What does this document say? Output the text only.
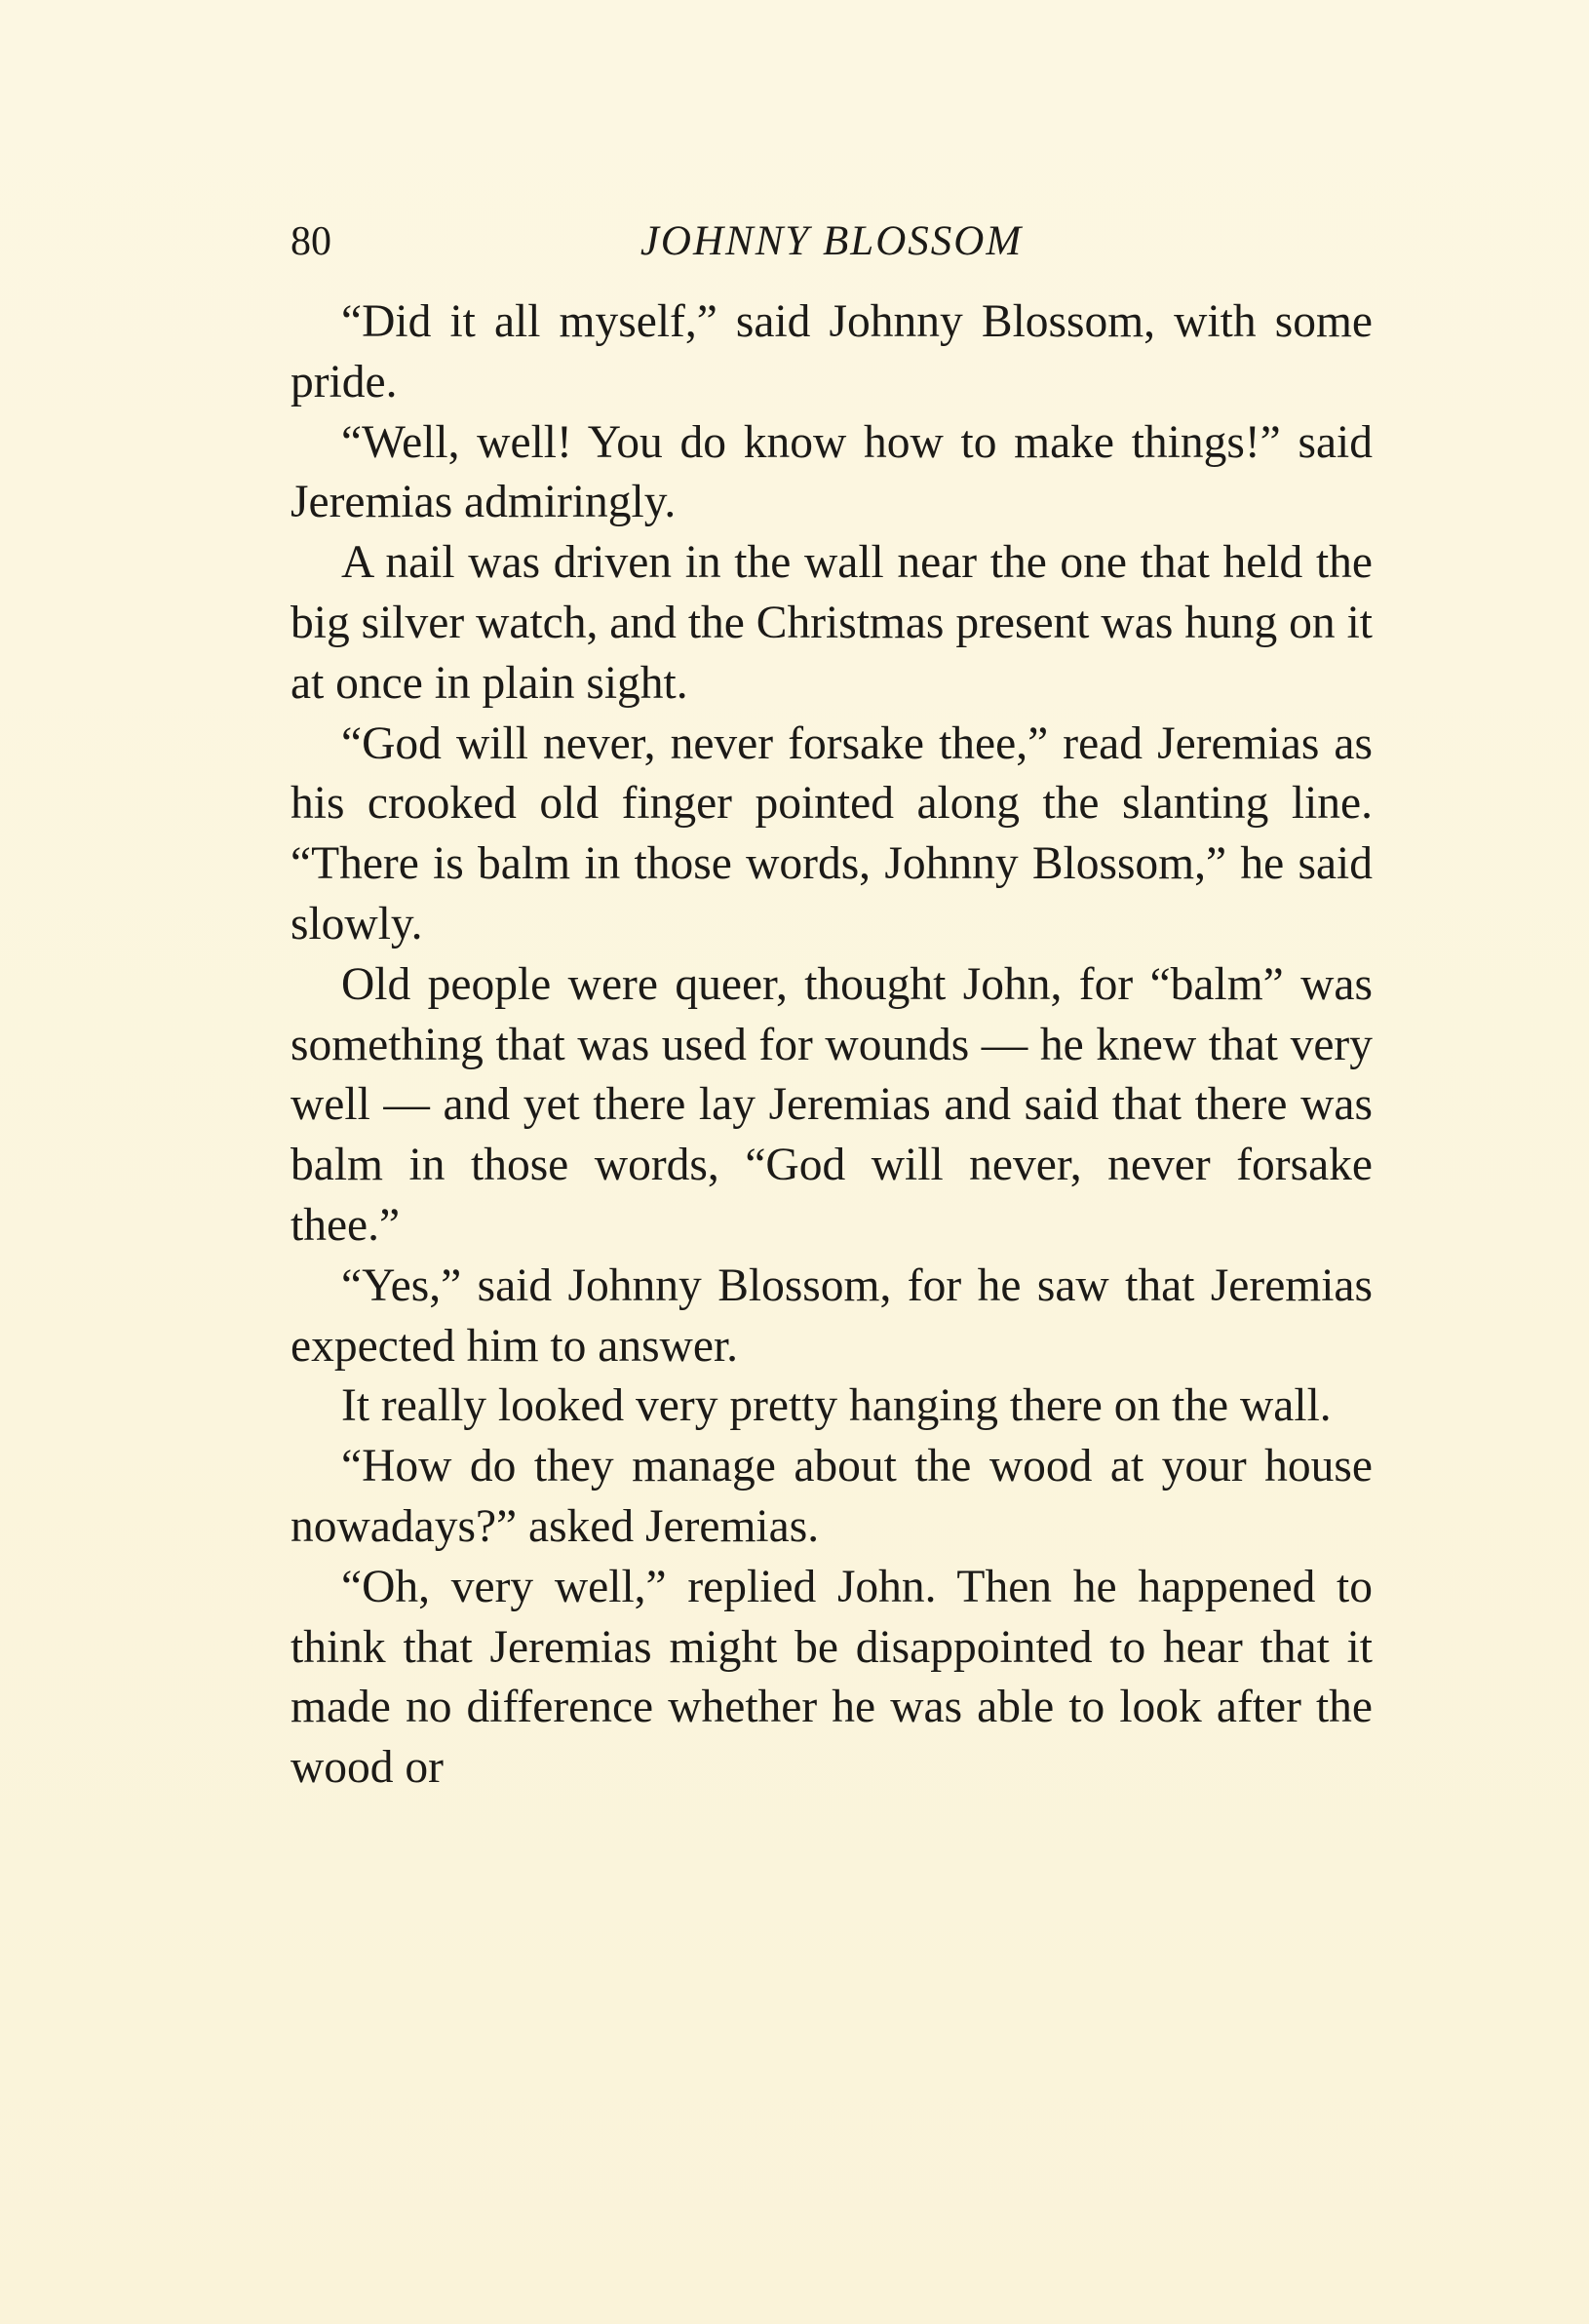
80	JOHNNY BLOSSOM

“Did it all myself,” said Johnny Blossom, with some pride.

“Well, well! You do know how to make things!” said Jeremias admiringly.

A nail was driven in the wall near the one that held the big silver watch, and the Christmas present was hung on it at once in plain sight.

“God will never, never forsake thee,” read Jeremias as his crooked old finger pointed along the slanting line. “There is balm in those words, Johnny Blossom,” he said slowly.

Old people were queer, thought John, for “balm” was something that was used for wounds — he knew that very well — and yet there lay Jeremias and said that there was balm in those words, “God will never, never forsake thee.”

“Yes,” said Johnny Blossom, for he saw that Jeremias expected him to answer.

It really looked very pretty hanging there on the wall.

“How do they manage about the wood at your house nowadays?” asked Jeremias.

“Oh, very well,” replied John. Then he happened to think that Jeremias might be disappointed to hear that it made no difference whether he was able to look after the wood or
